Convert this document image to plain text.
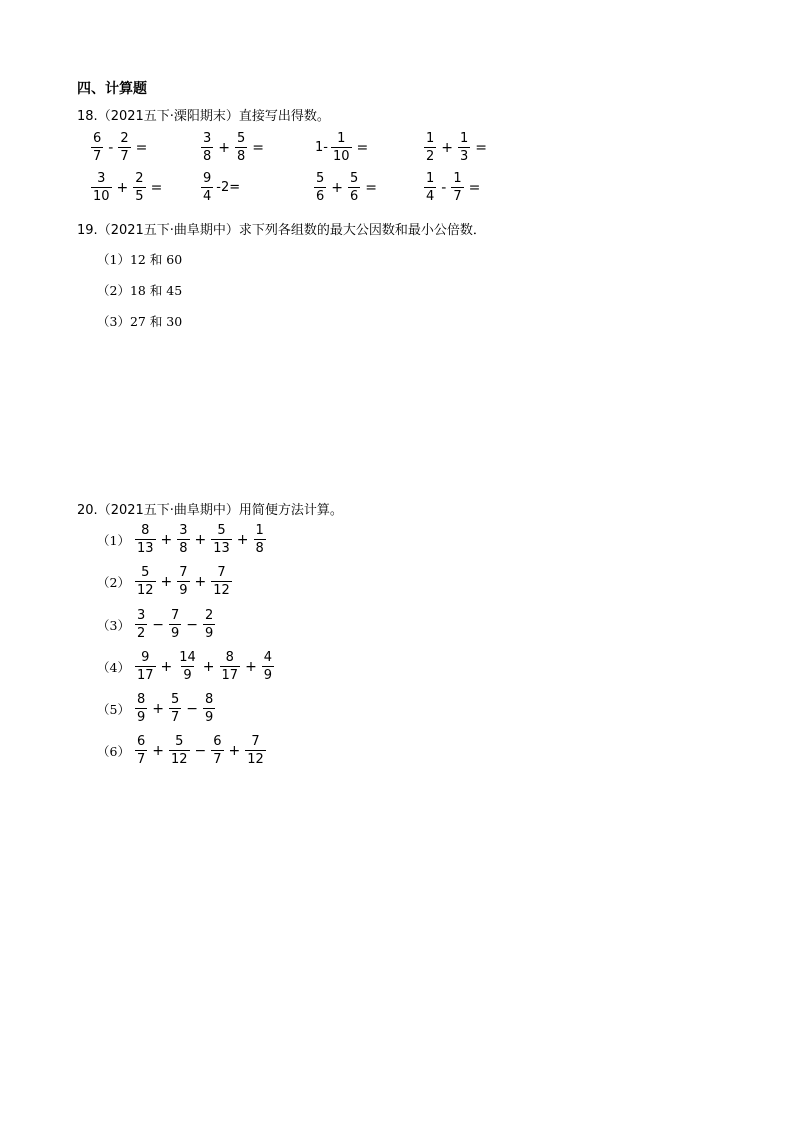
四、计算题
18.（2021五下·溧阳期末）直接写出得数。
$\frac{6}{7} - \frac{2}{7}$ =	$\frac{3}{8} + \frac{5}{8}$ =	$1- \frac{1}{10}$ =	$\frac{1}{2} + \frac{1}{3}$ =
$\frac{3}{10} + \frac{2}{5}$ =	$\frac{9}{4} -2=$	$\frac{5}{6} + \frac{5}{6}$ =	$\frac{1}{4} - \frac{1}{7}$ =
19.（2021五下·曲阜期中）求下列各组数的最大公因数和最小公倍数．
（1）12 和 60
（2）18 和 45
（3）27 和 30
20.（2021五下·曲阜期中）用简便方法计算。
$(1) \frac{8}{13} + \frac{3}{8} + \frac{5}{13} + \frac{1}{8}$
$(2) \frac{5}{12} + \frac{7}{9} + \frac{7}{12}$
$(3) \frac{3}{2} - \frac{7}{9} - \frac{2}{9}$
$(4) \frac{9}{17} + \frac{14}{9} + \frac{8}{17} + \frac{4}{9}$
$(5) \frac{8}{9} + \frac{5}{7} - \frac{8}{9}$
$(6) \frac{6}{7} + \frac{5}{12} - \frac{6}{7} + \frac{7}{12}$
